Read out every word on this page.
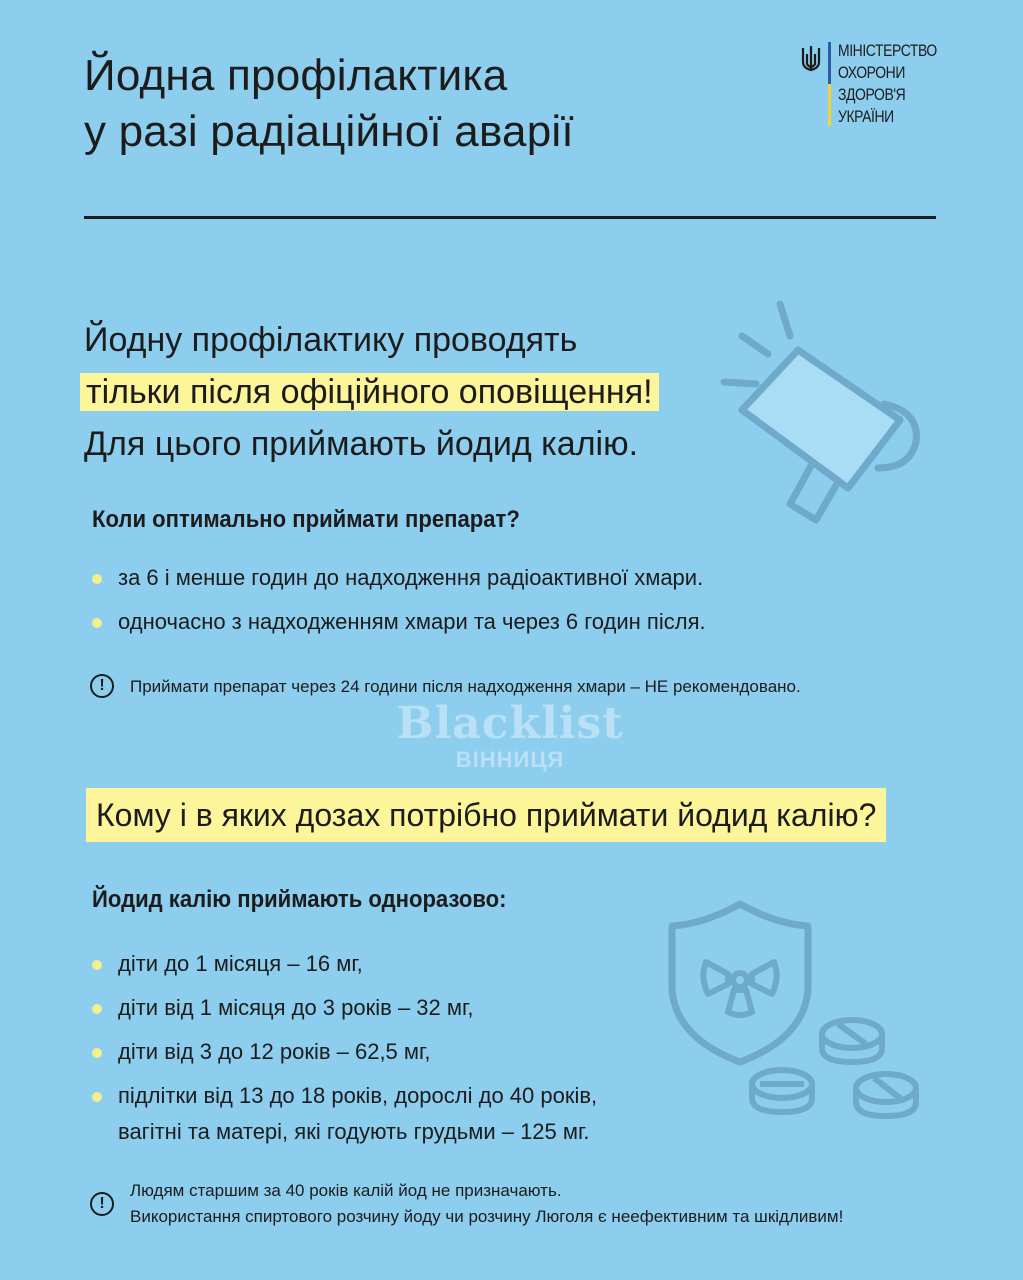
Йодна профілактика
у разі радіаційної аварії
МІНІСТЕРСТВО
ОХОРОНИ
ЗДОРОВ'Я
УКРАЇНИ
Йодну профілактику проводять
тільки після офіційного оповіщення!
Для цього приймають йодид калію.
Коли оптимально приймати препарат?
за 6 і менше годин до надходження радіоактивної хмари.
одночасно з надходженням хмари та через 6 годин після.
!	Приймати препарат через 24 години після надходження хмари – НЕ рекомендовано.
Blacklist
ВІННИЦЯ
Кому і в яких дозах потрібно приймати йодид калію?
Йодид калію приймають одноразово:
діти до 1 місяця – 16 мг,
діти від 1 місяця до 3 років – 32 мг,
діти від 3 до 12 років – 62,5 мг,
підлітки від 13 до 18 років, дорослі до 40 років,
вагітні та матері, які годують грудьми – 125 мг.
!
Людям старшим за 40 років калій йод не призначають.
Використання спиртового розчину йоду чи розчину Люголя є неефективним та шкідливим!
